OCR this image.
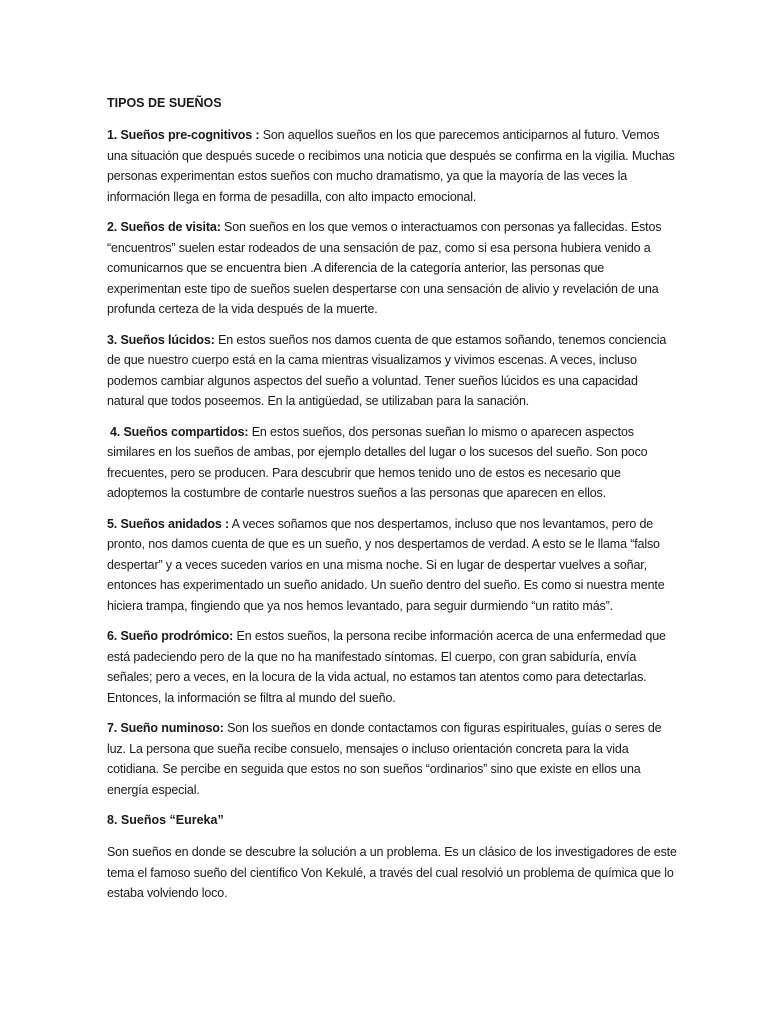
TIPOS DE SUEÑOS

1. Sueños pre-cognitivos : Son aquellos sueños en los que parecemos anticiparnos al futuro. Vemos una situación que después sucede o recibimos una noticia que después se confirma en la vigilia. Muchas personas experimentan estos sueños con mucho dramatismo, ya que la mayoría de las veces la información llega en forma de pesadilla, con alto impacto emocional.

2. Sueños de visita: Son sueños en los que vemos o interactuamos con personas ya fallecidas. Estos “encuentros” suelen estar rodeados de una sensación de paz, como si esa persona hubiera venido a comunicarnos que se encuentra bien .A diferencia de la categoría anterior, las personas que experimentan este tipo de sueños suelen despertarse con una sensación de alivio y revelación de una profunda certeza de la vida después de la muerte.

3. Sueños lúcidos: En estos sueños nos damos cuenta de que estamos soñando, tenemos conciencia de que nuestro cuerpo está en la cama mientras visualizamos y vivimos escenas. A veces, incluso podemos cambiar algunos aspectos del sueño a voluntad. Tener sueños lúcidos es una capacidad natural que todos poseemos. En la antigüedad, se utilizaban para la sanación.

4. Sueños compartidos: En estos sueños, dos personas sueñan lo mismo o aparecen aspectos similares en los sueños de ambas, por ejemplo detalles del lugar o los sucesos del sueño. Son poco frecuentes, pero se producen. Para descubrir que hemos tenido uno de estos es necesario que adoptemos la costumbre de contarle nuestros sueños a las personas que aparecen en ellos.

5. Sueños anidados : A veces soñamos que nos despertamos, incluso que nos levantamos, pero de pronto, nos damos cuenta de que es un sueño, y nos despertamos de verdad. A esto se le llama “falso despertar” y a veces suceden varios en una misma noche. Si en lugar de despertar vuelves a soñar, entonces has experimentado un sueño anidado. Un sueño dentro del sueño. Es como si nuestra mente hiciera trampa, fingiendo que ya nos hemos levantado, para seguir durmiendo “un ratito más”.

6. Sueño prodrómico: En estos sueños, la persona recibe información acerca de una enfermedad que está padeciendo pero de la que no ha manifestado síntomas. El cuerpo, con gran sabiduría, envía señales; pero a veces, en la locura de la vida actual, no estamos tan atentos como para detectarlas. Entonces, la información se filtra al mundo del sueño.

7. Sueño numinoso: Son los sueños en donde contactamos con figuras espirituales, guías o seres de luz. La persona que sueña recibe consuelo, mensajes o incluso orientación concreta para la vida cotidiana. Se percibe en seguida que estos no son sueños “ordinarios” sino que existe en ellos una energía especial.

8. Sueños “Eureka”

Son sueños en donde se descubre la solución a un problema. Es un clásico de los investigadores de este tema el famoso sueño del científico Von Kekulé, a través del cual resolvió un problema de química que lo estaba volviendo loco.
